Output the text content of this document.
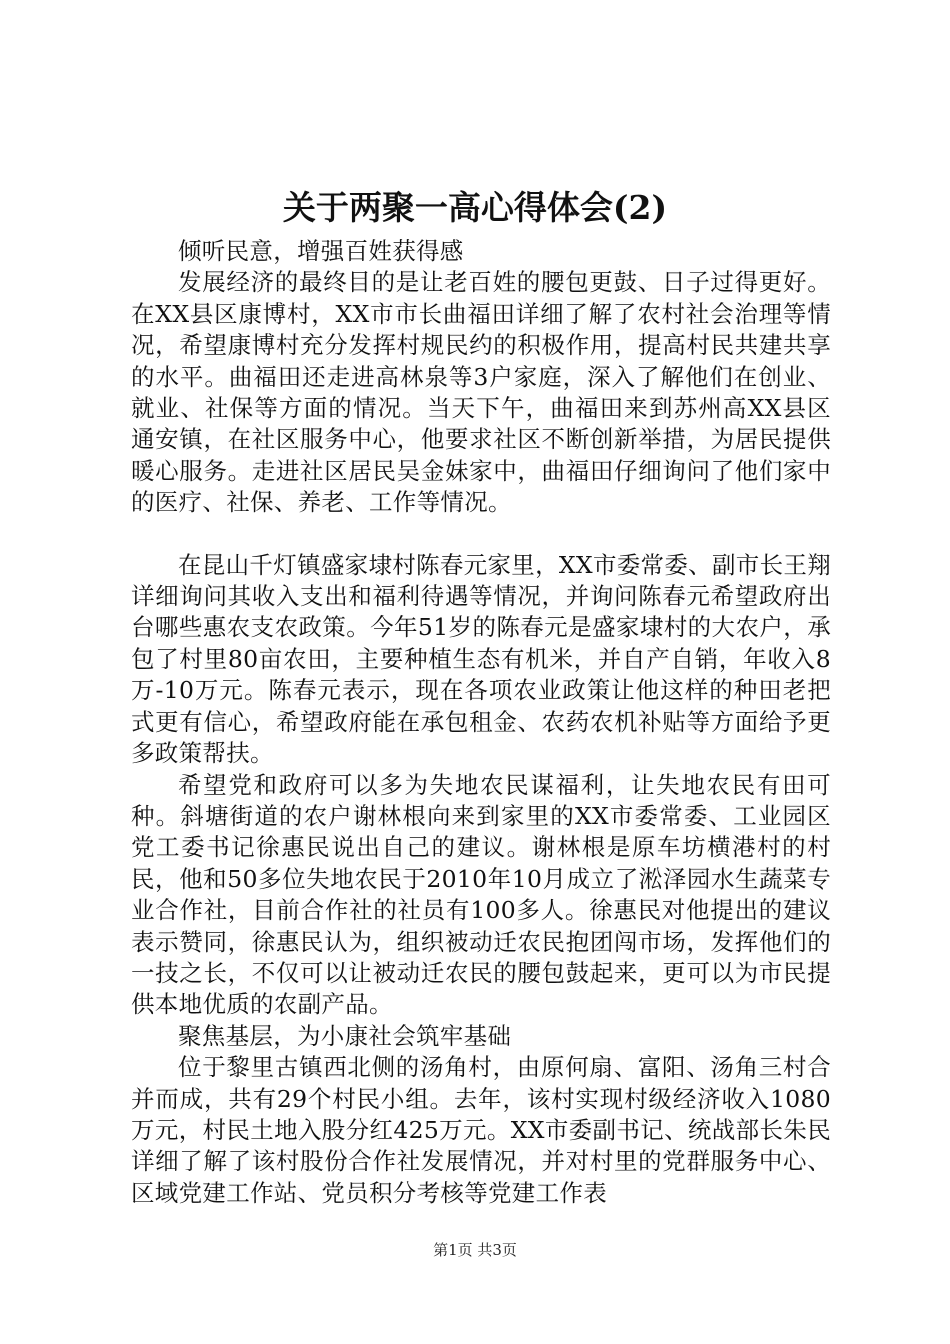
关于两聚一高心得体会(2)

倾听民意，增强百姓获得感

发展经济的最终目的是让老百姓的腰包更鼓、日子过得更好。在XX县区康博村，XX市市长曲福田详细了解了农村社会治理等情况，希望康博村充分发挥村规民约的积极作用，提高村民共建共享的水平。曲福田还走进高林泉等3户家庭，深入了解他们在创业、就业、社保等方面的情况。当天下午，曲福田来到苏州高XX县区通安镇，在社区服务中心，他要求社区不断创新举措，为居民提供暖心服务。走进社区居民吴金妹家中，曲福田仔细询问了他们家中的医疗、社保、养老、工作等情况。

在昆山千灯镇盛家埭村陈春元家里，XX市委常委、副市长王翔详细询问其收入支出和福利待遇等情况，并询问陈春元希望政府出台哪些惠农支农政策。今年51岁的陈春元是盛家埭村的大农户，承包了村里80亩农田，主要种植生态有机米，并自产自销，年收入8万-10万元。陈春元表示，现在各项农业政策让他这样的种田老把式更有信心，希望政府能在承包租金、农药农机补贴等方面给予更多政策帮扶。

希望党和政府可以多为失地农民谋福利，让失地农民有田可种。斜塘街道的农户谢林根向来到家里的XX市委常委、工业园区党工委书记徐惠民说出自己的建议。谢林根是原车坊横港村的村民，他和50多位失地农民于2010年10月成立了淞泽园水生蔬菜专业合作社，目前合作社的社员有100多人。徐惠民对他提出的建议表示赞同，徐惠民认为，组织被动迁农民抱团闯市场，发挥他们的一技之长，不仅可以让被动迁农民的腰包鼓起来，更可以为市民提供本地优质的农副产品。

聚焦基层，为小康社会筑牢基础

位于黎里古镇西北侧的汤角村，由原何扇、富阳、汤角三村合并而成，共有29个村民小组。去年，该村实现村级经济收入1080万元，村民土地入股分红425万元。XX市委副书记、统战部长朱民详细了解了该村股份合作社发展情况，并对村里的党群服务中心、区域党建工作站、党员积分考核等党建工作表

第1页 共3页
